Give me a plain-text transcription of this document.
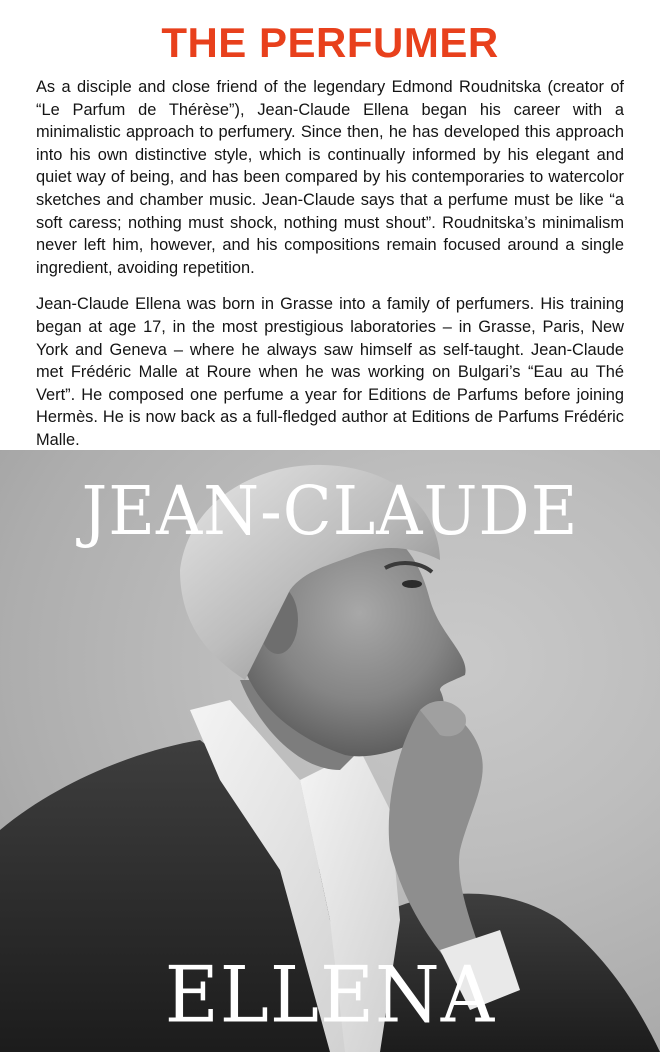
THE PERFUMER

As a disciple and close friend of the legendary Edmond Roudnitska (creator of “Le Parfum de Thérèse”), Jean-Claude Ellena began his career with a minimalistic approach to perfumery. Since then, he has developed this approach into his own distinctive style, which is continually informed by his elegant and quiet way of being, and has been compared by his contemporaries to watercolor sketches and chamber music. Jean-Claude says that a perfume must be like “a soft caress; nothing must shock, nothing must shout”. Roudnitska’s minimalism never left him, however, and his compositions remain focused around a single ingredient, avoiding repetition.

Jean-Claude Ellena was born in Grasse into a family of perfumers. His training began at age 17, in the most prestigious laboratories – in Grasse, Paris, New York and Geneva – where he always saw himself as self-taught. Jean-Claude met Frédéric Malle at Roure when he was working on Bulgari’s “Eau au Thé Vert”. He composed one perfume a year for Editions de Parfums before joining Hermès. He is now back as a full-fledged author at Editions de Parfums Frédéric Malle.

JEAN-CLAUDE
ELLENA
